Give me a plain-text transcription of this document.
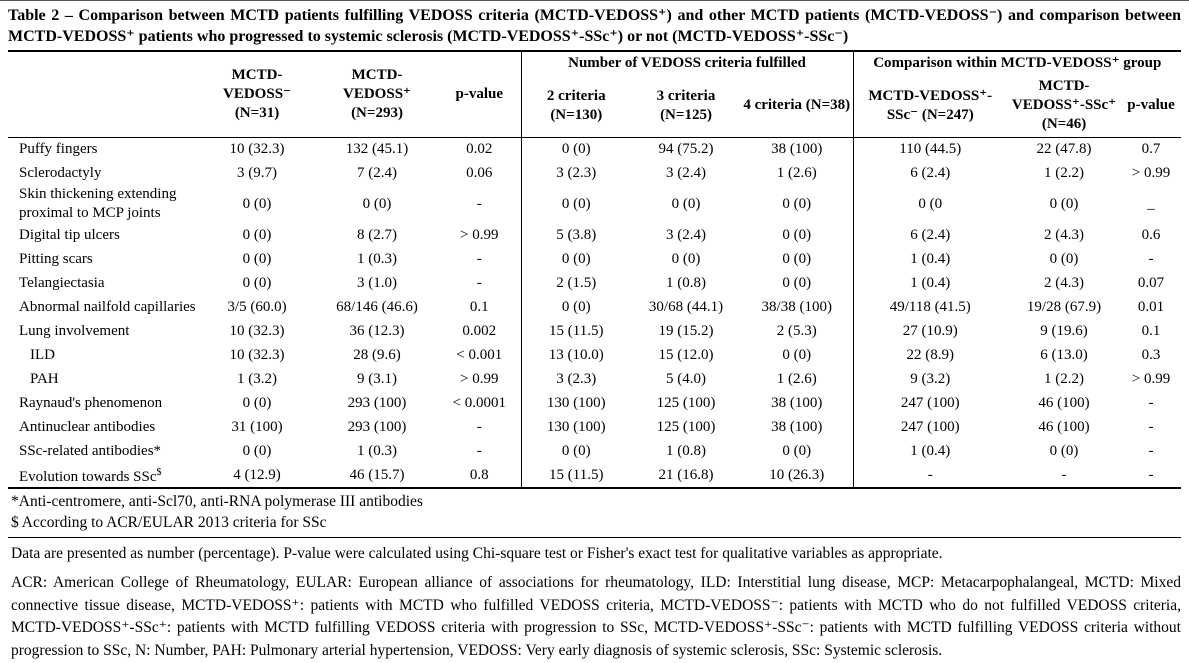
Table 2 – Comparison between MCTD patients fulfilling VEDOSS criteria (MCTD-VEDOSS⁺) and other MCTD patients (MCTD-VEDOSS⁻) and comparison between MCTD-VEDOSS⁺ patients who progressed to systemic sclerosis (MCTD-VEDOSS⁺-SSc⁺) or not (MCTD-VEDOSS⁺-SSc⁻)
	MCTD-VEDOSS⁻ (N=31)	MCTD-VEDOSS⁺ (N=293)	p-value	Number of VEDOSS criteria fulfilled			Comparison within MCTD-VEDOSS⁺ group		
				2 criteria (N=130)	3 criteria (N=125)	4 criteria (N=38)	MCTD-VEDOSS⁺-SSc⁻ (N=247)	MCTD-VEDOSS⁺-SSc⁺ (N=46)	p-value
Puffy fingers	10 (32.3)	132 (45.1)	0.02	0 (0)	94 (75.2)	38 (100)	110 (44.5)	22 (47.8)	0.7
Sclerodactyly	3 (9.7)	7 (2.4)	0.06	3 (2.3)	3 (2.4)	1 (2.6)	6 (2.4)	1 (2.2)	> 0.99
Skin thickening extending proximal to MCP joints	0 (0)	0 (0)	-	0 (0)	0 (0)	0 (0)	0 (0	0 (0)	_
Digital tip ulcers	0 (0)	8 (2.7)	> 0.99	5 (3.8)	3 (2.4)	0 (0)	6 (2.4)	2 (4.3)	0.6
Pitting scars	0 (0)	1 (0.3)	-	0 (0)	0 (0)	0 (0)	1 (0.4)	0 (0)	-
Telangiectasia	0 (0)	3 (1.0)	-	2 (1.5)	1 (0.8)	0 (0)	1 (0.4)	2 (4.3)	0.07
Abnormal nailfold capillaries	3/5 (60.0)	68/146 (46.6)	0.1	0 (0)	30/68 (44.1)	38/38 (100)	49/118 (41.5)	19/28 (67.9)	0.01
Lung involvement	10 (32.3)	36 (12.3)	0.002	15 (11.5)	19 (15.2)	2 (5.3)	27 (10.9)	9 (19.6)	0.1
ILD	10 (32.3)	28 (9.6)	< 0.001	13 (10.0)	15 (12.0)	0 (0)	22 (8.9)	6 (13.0)	0.3
PAH	1 (3.2)	9 (3.1)	> 0.99	3 (2.3)	5 (4.0)	1 (2.6)	9 (3.2)	1 (2.2)	> 0.99
Raynaud's phenomenon	0 (0)	293 (100)	< 0.0001	130 (100)	125 (100)	38 (100)	247 (100)	46 (100)	-
Antinuclear antibodies	31 (100)	293 (100)	-	130 (100)	125 (100)	38 (100)	247 (100)	46 (100)	-
SSc-related antibodies*	0 (0)	1 (0.3)	-	0 (0)	1 (0.8)	0 (0)	1 (0.4)	0 (0)	-
Evolution towards SSc$	4 (12.9)	46 (15.7)	0.8	15 (11.5)	21 (16.8)	10 (26.3)	-	-	-
*Anti-centromere, anti-Scl70, anti-RNA polymerase III antibodies
$ According to ACR/EULAR 2013 criteria for SSc
Data are presented as number (percentage). P-value were calculated using Chi-square test or Fisher's exact test for qualitative variables as appropriate.
ACR: American College of Rheumatology, EULAR: European alliance of associations for rheumatology, ILD: Interstitial lung disease, MCP: Metacarpophalangeal, MCTD: Mixed connective tissue disease, MCTD-VEDOSS⁺: patients with MCTD who fulfilled VEDOSS criteria, MCTD-VEDOSS⁻: patients with MCTD who do not fulfilled VEDOSS criteria, MCTD-VEDOSS⁺-SSc⁺: patients with MCTD fulfilling VEDOSS criteria with progression to SSc, MCTD-VEDOSS⁺-SSc⁻: patients with MCTD fulfilling VEDOSS criteria without progression to SSc, N: Number, PAH: Pulmonary arterial hypertension, VEDOSS: Very early diagnosis of systemic sclerosis, SSc: Systemic sclerosis.
